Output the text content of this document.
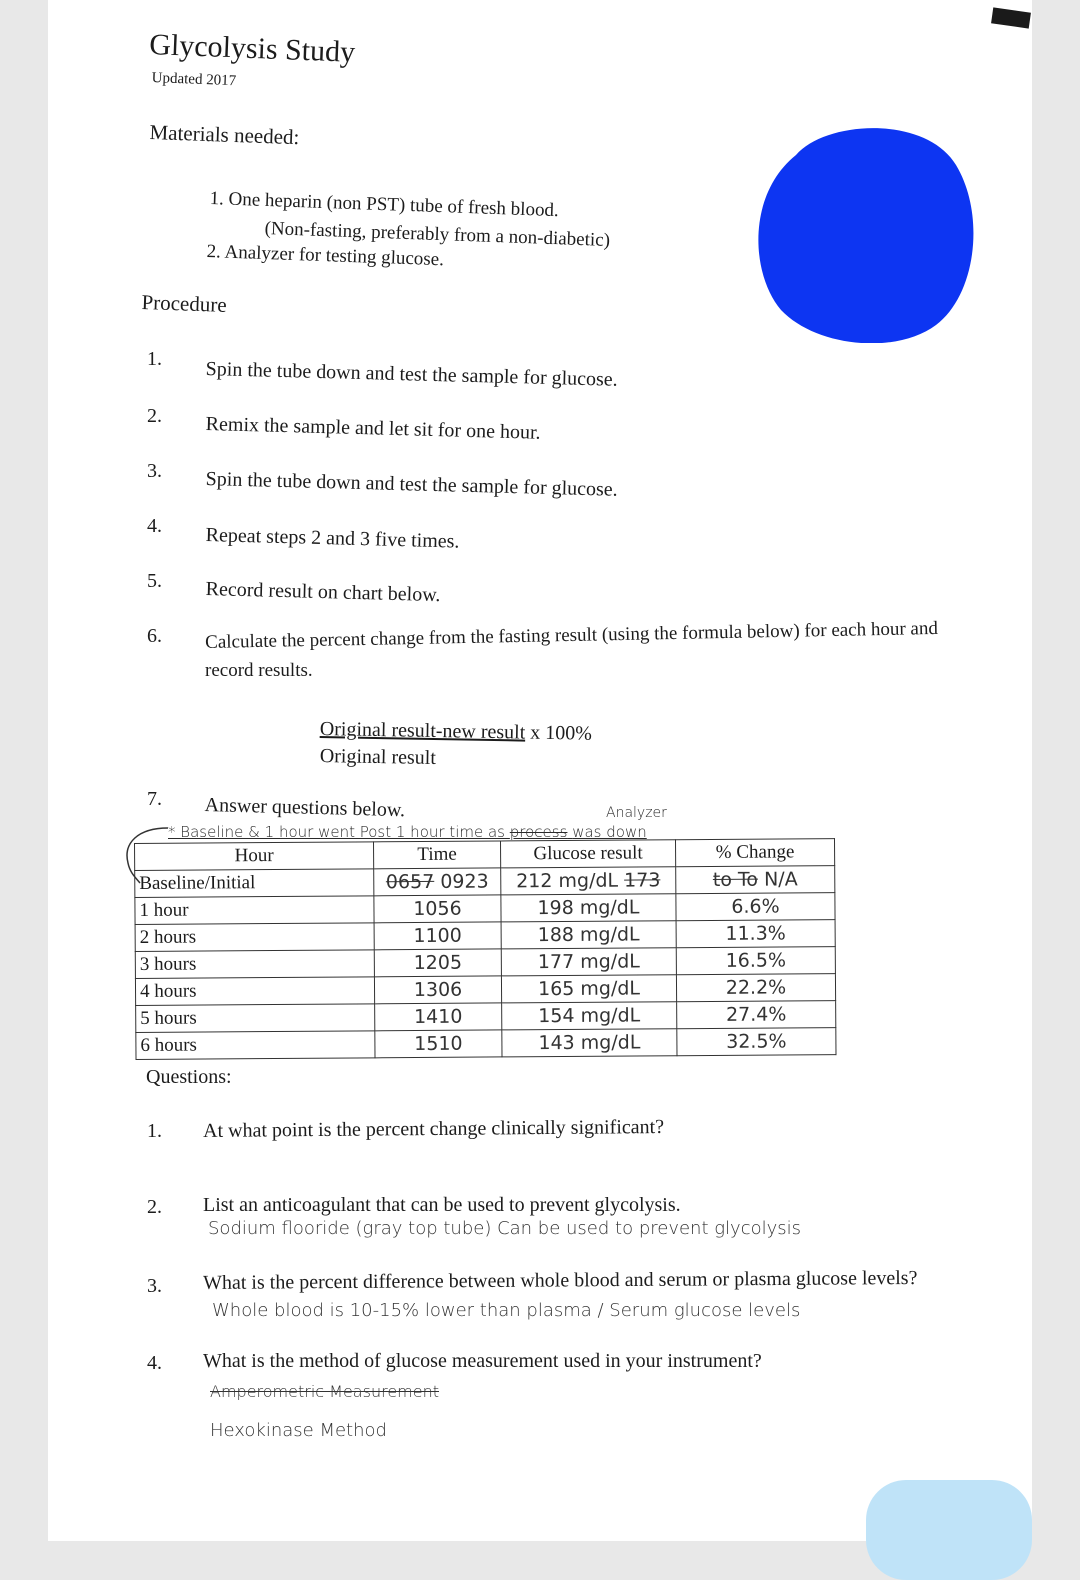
Glycolysis Study
Updated 2017
Materials needed:
1. One heparin (non PST) tube of fresh blood.
(Non-fasting, preferably from a non-diabetic)
2. Analyzer for testing glucose.
Procedure
1. Spin the tube down and test the sample for glucose.
2. Remix the sample and let sit for one hour.
3. Spin the tube down and test the sample for glucose.
4. Repeat steps 2 and 3 five times.
5. Record result on chart below.
6. Calculate the percent change from the fasting result (using the formula below) for each hour and
record results.
Original result-new result x 100%
Original result
7. Answer questions below.	Analyzer
* Baseline & 1 hour went Post 1 hour time as process was down
Hour	Time	Glucose result	% Change
Baseline/Initial	0657 0923	212 mg/dL 173	to To N/A
1 hour	1056	198 mg/dL	6.6%
2 hours	1100	188 mg/dL	11.3%
3 hours	1205	177 mg/dL	16.5%
4 hours	1306	165 mg/dL	22.2%
5 hours	1410	154 mg/dL	27.4%
6 hours	1510	143 mg/dL	32.5%
Questions:
1. At what point is the percent change clinically significant?
2. List an anticoagulant that can be used to prevent glycolysis.
Sodium flooride (gray top tube) Can be used to prevent glycolysis
3. What is the percent difference between whole blood and serum or plasma glucose levels?
Whole blood is 10-15% lower than plasma / Serum glucose levels
4. What is the method of glucose measurement used in your instrument?
Amperometric Measurement
Hexokinase Method
